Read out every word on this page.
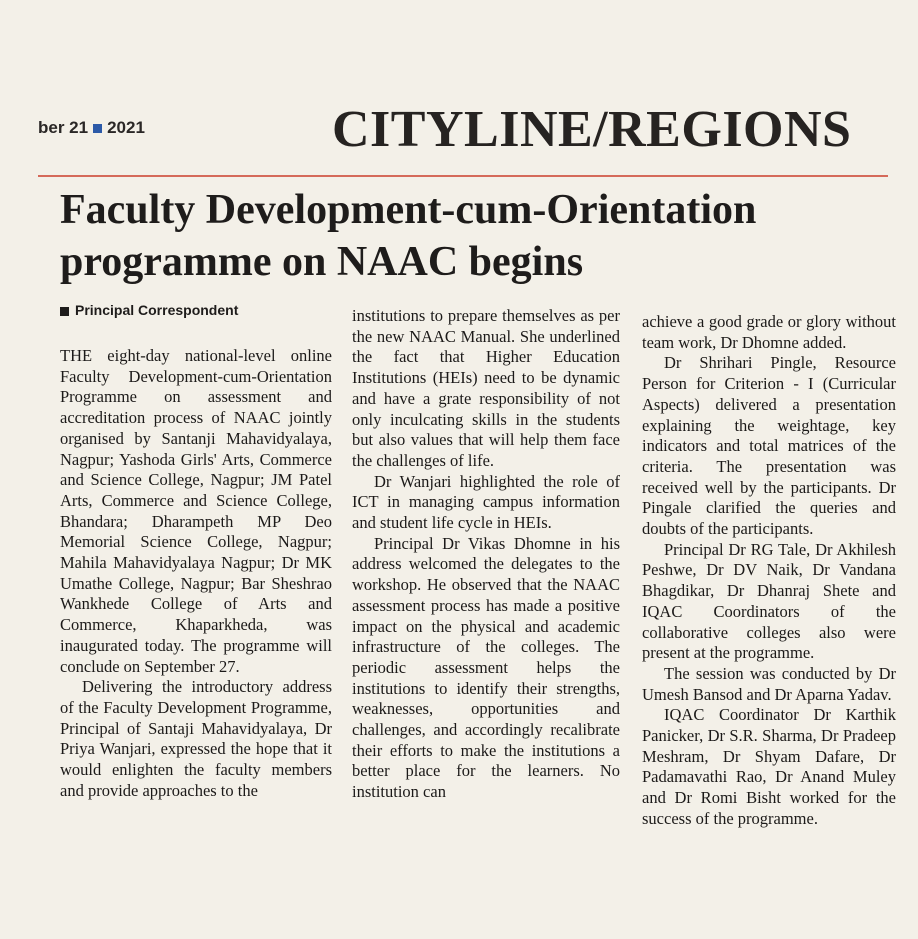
ber 21 2021	CITYLINE/REGIONS
Faculty Development-cum-Orientation
programme on NAAC begins
Principal Correspondent

THE eight-day national-level online Faculty Development-cum-Orientation Programme on assessment and accreditation process of NAAC jointly organised by Santanji Mahavidyalaya, Nagpur; Yashoda Girls' Arts, Commerce and Science College, Nagpur; JM Patel Arts, Commerce and Science College, Bhandara; Dharampeth MP Deo Memorial Science College, Nagpur; Mahila Mahavidyalaya Nagpur; Dr MK Umathe College, Nagpur; Bar Sheshrao Wankhede College of Arts and Commerce, Khaparkheda, was inaugurated today. The programme will conclude on September 27.

Delivering the introductory address of the Faculty Development Programme, Principal of Santaji Mahavidyalaya, Dr Priya Wanjari, expressed the hope that it would enlighten the faculty members and provide approaches to the

institutions to prepare themselves as per the new NAAC Manual. She underlined the fact that Higher Education Institutions (HEIs) need to be dynamic and have a grate responsibility of not only inculcating skills in the students but also values that will help them face the challenges of life.

Dr Wanjari highlighted the role of ICT in managing campus information and student life cycle in HEIs.

Principal Dr Vikas Dhomne in his address welcomed the delegates to the workshop. He observed that the NAAC assessment process has made a positive impact on the physical and academic infrastructure of the colleges. The periodic assessment helps the institutions to identify their strengths, weaknesses, opportunities and challenges, and accordingly recalibrate their efforts to make the institutions a better place for the learners. No institution can

achieve a good grade or glory without team work, Dr Dhomne added.

Dr Shrihari Pingle, Resource Person for Criterion - I (Curricular Aspects) delivered a presentation explaining the weightage, key indicators and total matrices of the criteria. The presentation was received well by the participants. Dr Pingale clarified the queries and doubts of the participants.

Principal Dr RG Tale, Dr Akhilesh Peshwe, Dr DV Naik, Dr Vandana Bhagdikar, Dr Dhanraj Shete and IQAC Coordinators of the collaborative colleges also were present at the programme.

The session was conducted by Dr Umesh Bansod and Dr Aparna Yadav.

IQAC Coordinator Dr Karthik Panicker, Dr S.R. Sharma, Dr Pradeep Meshram, Dr Shyam Dafare, Dr Padamavathi Rao, Dr Anand Muley and Dr Romi Bisht worked for the success of the programme.
